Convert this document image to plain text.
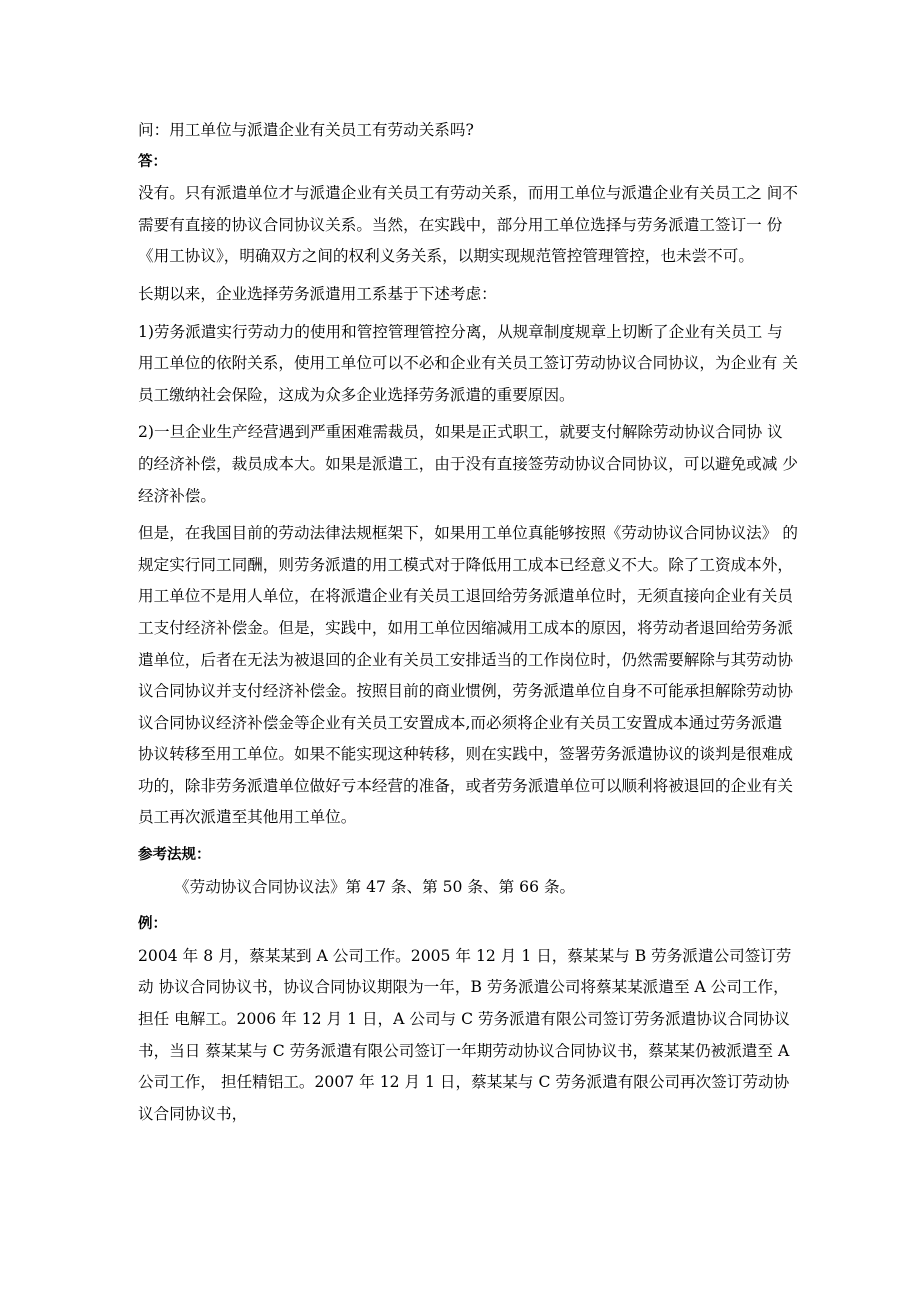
问：用工单位与派遣企业有关员工有劳动关系吗?

答：

没有。只有派遣单位才与派遣企业有关员工有劳动关系，而用工单位与派遣企业有关员工之 间不需要有直接的协议合同协议关系。当然，在实践中，部分用工单位选择与劳务派遣工签订一 份《用工协议》，明确双方之间的权利义务关系，以期实现规范管控管理管控，也未尝不可。
长期以来，企业选择劳务派遣用工系基于下述考虑：
1)劳务派遣实行劳动力的使用和管控管理管控分离，从规章制度规章上切断了企业有关员工 与用工单位的依附关系，使用工单位可以不必和企业有关员工签订劳动协议合同协议，为企业有 关员工缴纳社会保险，这成为众多企业选择劳务派遣的重要原因。
2)一旦企业生产经营遇到严重困难需裁员，如果是正式职工，就要支付解除劳动协议合同协 议的经济补偿，裁员成本大。如果是派遣工，由于没有直接签劳动协议合同协议，可以避免或减 少经济补偿。
但是，在我国目前的劳动法律法规框架下，如果用工单位真能够按照《劳动协议合同协议法》 的规定实行同工同酬，则劳务派遣的用工模式对于降低用工成本已经意义不大。除了工资成本外， 用工单位不是用人单位，在将派遣企业有关员工退回给劳务派遣单位时，无须直接向企业有关员 工支付经济补偿金。但是，实践中，如用工单位因缩减用工成本的原因，将劳动者退回给劳务派 遣单位，后者在无法为被退回的企业有关员工安排适当的工作岗位时，仍然需要解除与其劳动协 议合同协议并支付经济补偿金。按照目前的商业惯例，劳务派遣单位自身不可能承担解除劳动协 议合同协议经济补偿金等企业有关员工安置成本,而必须将企业有关员工安置成本通过劳务派遣 协议转移至用工单位。如果不能实现这种转移，则在实践中，签署劳务派遣协议的谈判是很难成 功的，除非劳务派遣单位做好亏本经营的准备，或者劳务派遣单位可以顺利将被退回的企业有关 员工再次派遣至其他用工单位。

参考法规：

《劳动协议合同协议法》第 47 条、第 50 条、第 66 条。

例：

2004 年 8 月，蔡某某到 A 公司工作。2005 年 12 月 1 日，蔡某某与 B 劳务派遣公司签订劳动 协议合同协议书，协议合同协议期限为一年，B 劳务派遣公司将蔡某某派遣至 A 公司工作，担任 电解工。2006 年 12 月 1 日，A 公司与 C 劳务派遣有限公司签订劳务派遣协议合同协议书，当日 蔡某某与 C 劳务派遣有限公司签订一年期劳动协议合同协议书，蔡某某仍被派遣至 A 公司工作， 担任精铝工。2007 年 12 月 1 日，蔡某某与 C 劳务派遣有限公司再次签订劳动协议合同协议书，
